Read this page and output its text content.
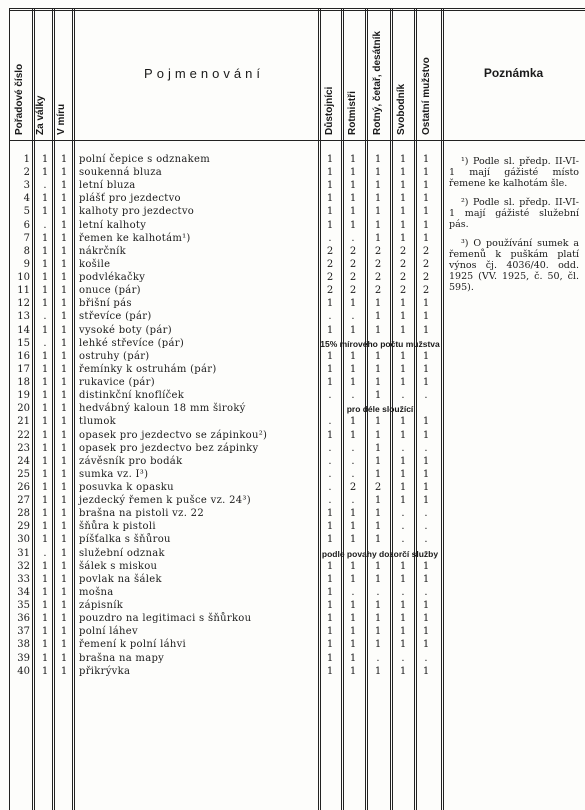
Pořadové číslo Za války V míru
Pojmenování
Důstojníci Rotmistři Rotný, četař, desátník Svobodník Ostatní mužstvo	Poznámka
1	1	1	polní čepice s odznakem	1	1	1	1	1
2	1	1	soukenná bluza	1	1	1	1	1
3	.	1	letní bluza	1	1	1	1	1
4	1	1	plášť pro jezdectvo	1	1	1	1	1
5	1	1	kalhoty pro jezdectvo	1	1	1	1	1
6	.	1	letní kalhoty	1	1	1	1	1
7	1	1	řemen ke kalhotám¹)	.	.	1	1	1
8	1	1	nákrčník	2	2	2	2	2
9	1	1	košile	2	2	2	2	2
10	1	1	podvlékačky	2	2	2	2	2
11	1	1	onuce (pár)	2	2	2	2	2
12	1	1	břišní pás	1	1	1	1	1
13	.	1	střevíce (pár)	.	.	1	1	1
14	1	1	vysoké boty (pár)	1	1	1	1	1
15	.	1	lehké střevíce (pár)	15% mírového počtu mužstva
16	1	1	ostruhy (pár)	1	1	1	1	1
17	1	1	řemínky k ostruhám (pár)	1	1	1	1	1
18	1	1	rukavice (pár)	1	1	1	1	1
19	1	1	distinkční knoflíček	.	.	1	.	.
20	1	1	hedvábný kaloun 18 mm široký	pro déle sloužící
21	1	1	tlumok	.	1	1	1	1
22	1	1	opasek pro jezdectvo se zápinkou²)	1	1	1	1	1
23	1	1	opasek pro jezdectvo bez zápinky	.	.	1	.	.
24	1	1	závěsník pro bodák	.	.	1	1	1
25	1	1	sumka vz. I³)	.	.	1	1	1
26	1	1	posuvka k opasku	.	2	2	1	1
27	1	1	jezdecký řemen k pušce vz. 24³)	.	.	1	1	1
28	1	1	brašna na pistoli vz. 22	1	1	1	.	.
29	1	1	šňůra k pistoli	1	1	1	.	.
30	1	1	píšťalka s šňůrou	1	1	1	.	.
31	.	1	služební odznak	podle povahy dozorčí služby
32	1	1	šálek s miskou	1	1	1	1	1
33	1	1	povlak na šálek	1	1	1	1	1
34	1	1	mošna	1	.	.	.	.
35	1	1	zápisník	1	1	1	1	1
36	1	1	pouzdro na legitimaci s šňůrkou	1	1	1	1	1
37	1	1	polní láhev	1	1	1	1	1
38	1	1	řemení k polní láhvi	1	1	1	1	1
39	1	1	brašna na mapy	1	1	.	.	.
40	1	1	přikrývka	1	1	1	1	1

¹) Podle sl. předp. II-VI-1 mají gážisté místo řemene ke kalhotám šle.

²) Podle sl. předp. II-VI-1 mají gážisté služební pás.

³) O používání sumek a řemenů k puškám platí výnos čj. 4036/40. odd. 1925 (VV. 1925, č. 50, čl. 595).
